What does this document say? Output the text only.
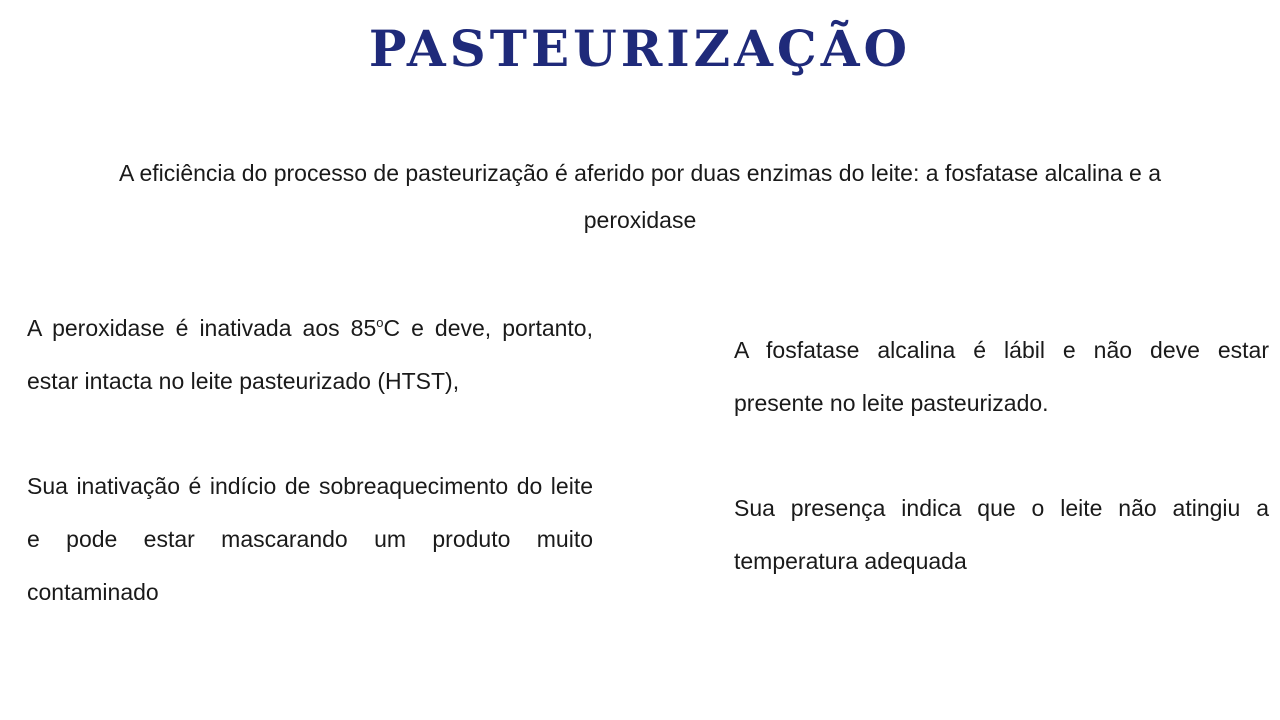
PASTEURIZAÇÃO
A eficiência do processo de pasteurização é aferido por duas enzimas do leite: a fosfatase alcalina e a peroxidase

A peroxidase é inativada aos 85$^o$C e deve, portanto, estar intacta no leite pasteurizado (HTST),

Sua inativação é indício de sobreaquecimento do leite e pode estar mascarando um produto muito contaminado

A fosfatase alcalina é lábil e não deve estar presente no leite pasteurizado.

Sua presença indica que o leite não atingiu a temperatura adequada
